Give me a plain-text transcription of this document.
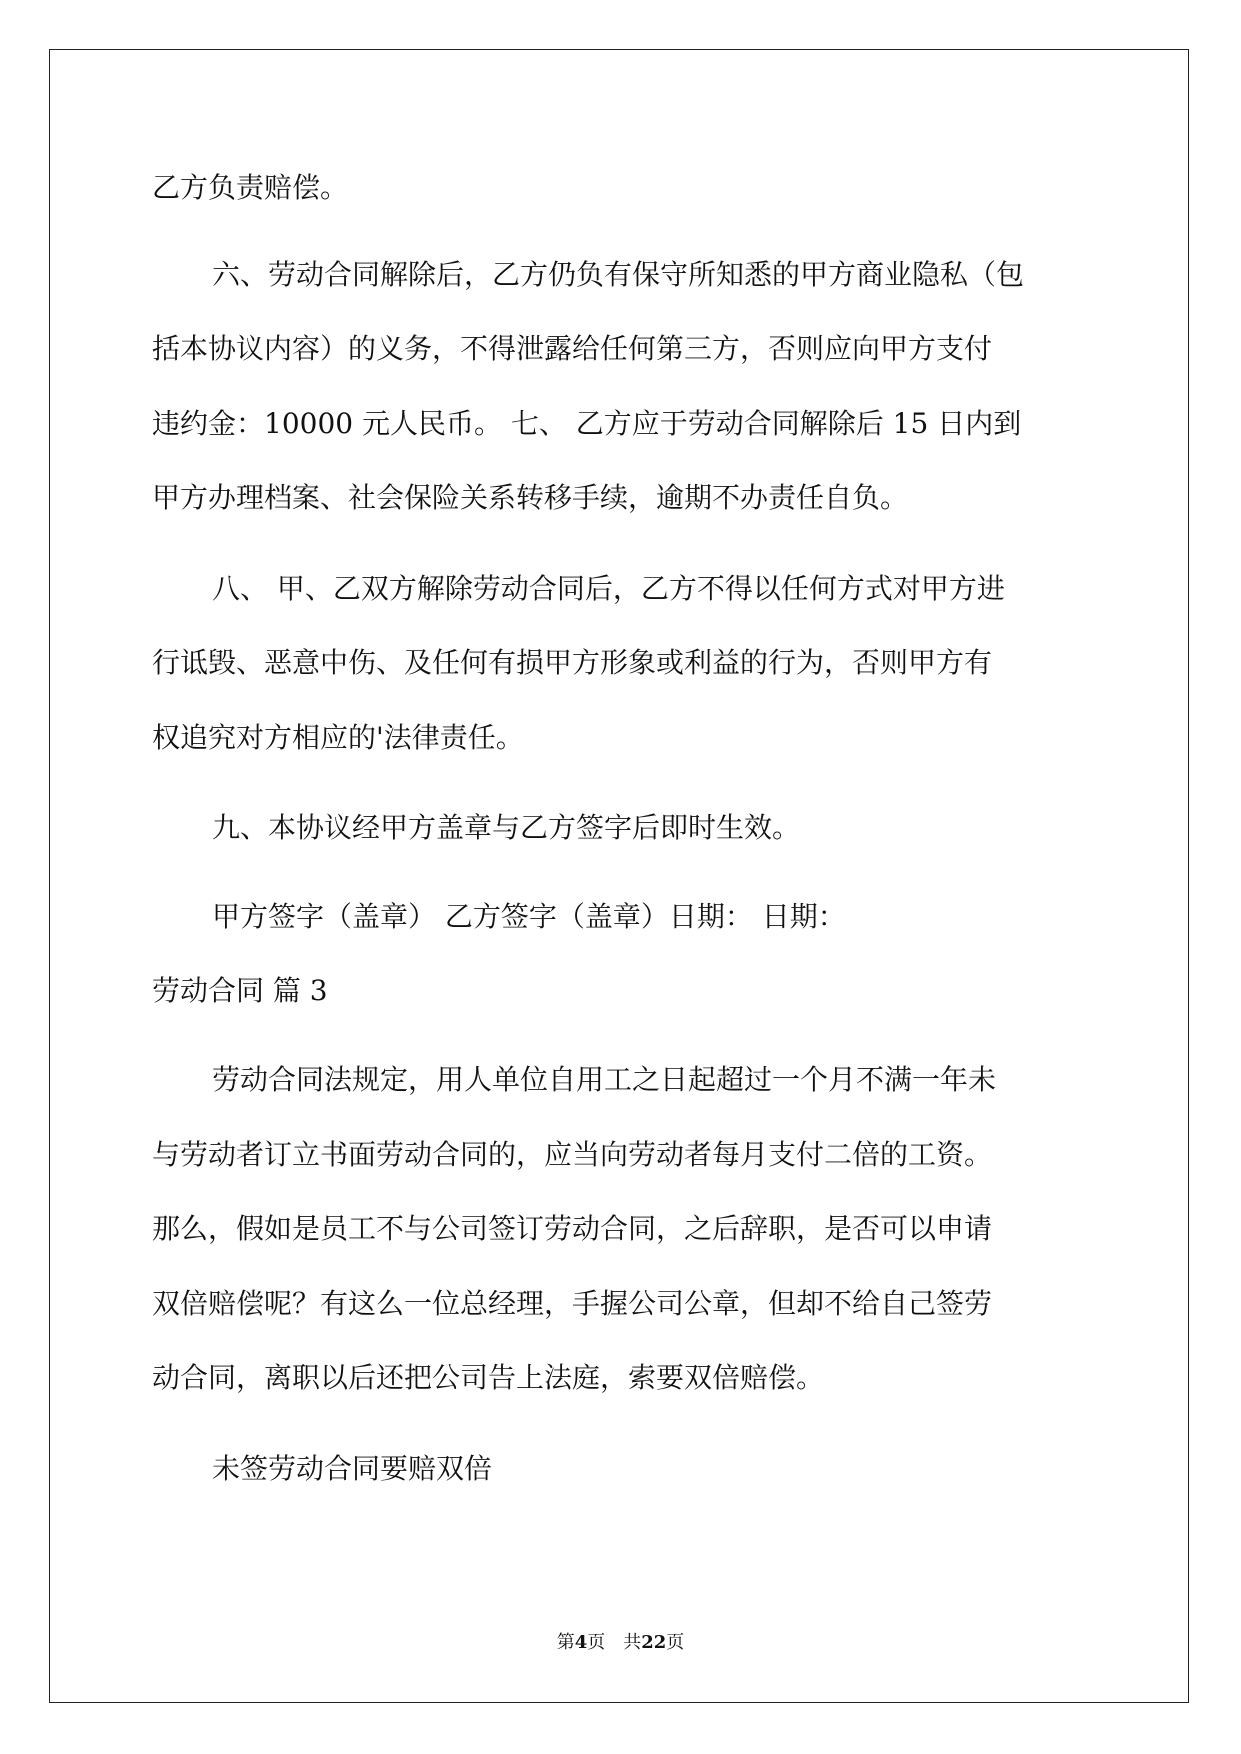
乙方负责赔偿。
六、劳动合同解除后，乙方仍负有保守所知悉的甲方商业隐私（包
括本协议内容）的义务，不得泄露给任何第三方，否则应向甲方支付
违约金：10000 元人民币。 七、 乙方应于劳动合同解除后 15 日内到
甲方办理档案、社会保险关系转移手续，逾期不办责任自负。
八、 甲、乙双方解除劳动合同后，乙方不得以任何方式对甲方进
行诋毁、恶意中伤、及任何有损甲方形象或利益的行为，否则甲方有
权追究对方相应的'法律责任。
九、本协议经甲方盖章与乙方签字后即时生效。
甲方签字（盖章） 乙方签字（盖章）日期： 日期：
劳动合同 篇 3
劳动合同法规定，用人单位自用工之日起超过一个月不满一年未
与劳动者订立书面劳动合同的，应当向劳动者每月支付二倍的工资。
那么，假如是员工不与公司签订劳动合同，之后辞职，是否可以申请
双倍赔偿呢？有这么一位总经理，手握公司公章，但却不给自己签劳
动合同，离职以后还把公司告上法庭，索要双倍赔偿。
未签劳动合同要赔双倍
第4页　共22页
